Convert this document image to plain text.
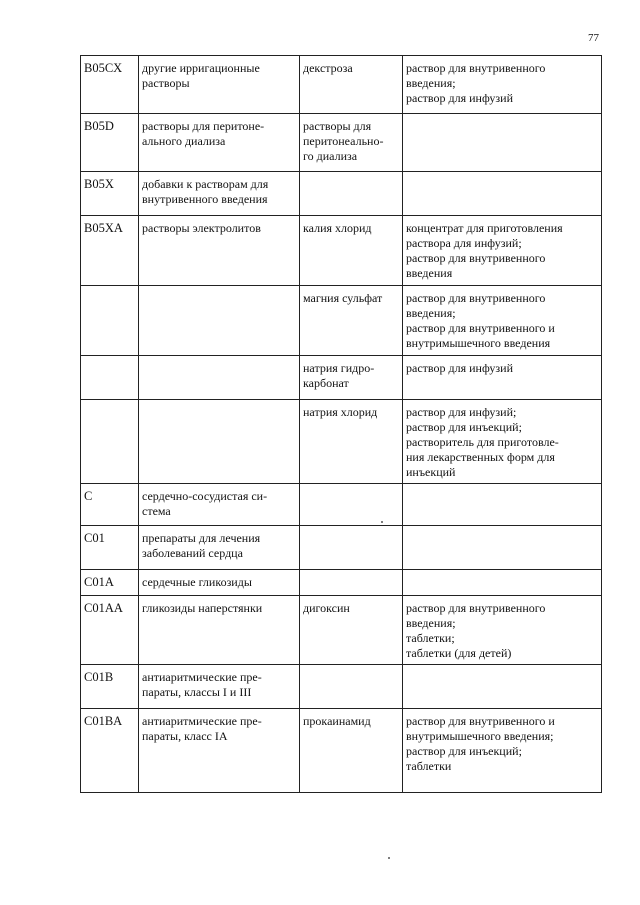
77
B05CX	другие ирригационные
растворы	декстроза	раствор для внутривенного
введения;
раствор для инфузий

B05D	растворы для перитоне-
ального диализа	растворы для
перитонеально-
го диализа	

B05X	добавки к растворам для
внутривенного введения		

B05XA	растворы электролитов	калия хлорид	концентрат для приготовления
раствора для инфузий;
раствор для внутривенного
введения

		магния сульфат	раствор для внутривенного
введения;
раствор для внутривенного и
внутримышечного введения

		натрия гидро-
карбонат	раствор для инфузий

		натрия хлорид	раствор для инфузий;
раствор для инъекций;
растворитель для приготовле-
ния лекарственных форм для
инъекций

C	сердечно-сосудистая си-
стема		

C01	препараты для лечения
заболеваний сердца		

C01A	сердечные гликозиды		

C01AA	гликозиды наперстянки	дигоксин	раствор для внутривенного
введения;
таблетки;
таблетки (для детей)

C01B	антиаритмические пре-
параты, классы I и III		

C01BA	антиаритмические пре-
параты, класс IA	прокаинамид	раствор для внутривенного и
внутримышечного введения;
раствор для инъекций;
таблетки
